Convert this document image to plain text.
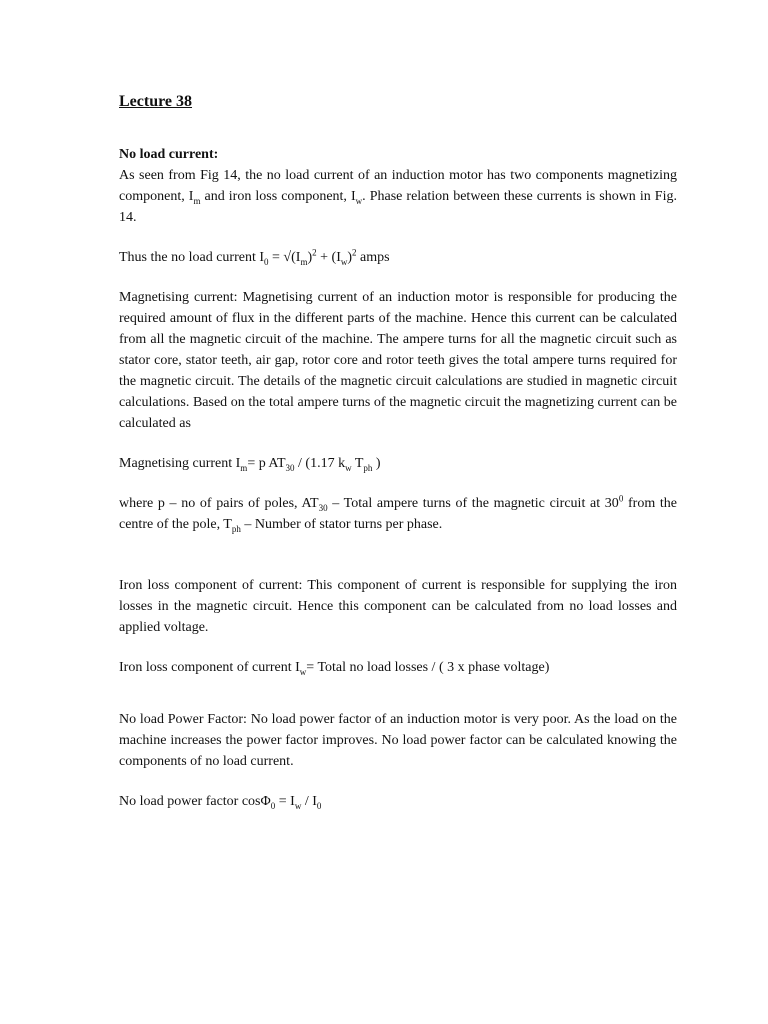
Lecture 38
No load current:
As seen from Fig 14, the no load current of an induction motor has two components magnetizing component, $I_m$ and iron loss component, $I_w$. Phase relation between these currents is shown in Fig. 14.
Thus the no load current $I_0 = √(I_m)^2 + (I_w)^2$ amps
Magnetising current: Magnetising current of an induction motor is responsible for producing the required amount of flux in the different parts of the machine. Hence this current can be calculated from all the magnetic circuit of the machine. The ampere turns for all the magnetic circuit such as stator core, stator teeth, air gap, rotor core and rotor teeth gives the total ampere turns required for the magnetic circuit. The details of the magnetic circuit calculations are studied in magnetic circuit calculations. Based on the total ampere turns of the magnetic circuit the magnetizing current can be calculated as
Magnetising current $I_m= p$ $AT_{30} / (1.17$ $k_w$ $T_{ph}$ )
where p – no of pairs of poles, $AT_{30}$ – Total ampere turns of the magnetic circuit at $30^0$ from the centre of the pole, $T_{ph}$ – Number of stator turns per phase.
Iron loss component of current: This component of current is responsible for supplying the iron losses in the magnetic circuit. Hence this component can be calculated from no load losses and applied voltage.
Iron loss component of current $I_w=$ Total no load losses / ( 3 x phase voltage)
No load Power Factor: No load power factor of an induction motor is very poor. As the load on the machine increases the power factor improves. No load power factor can be calculated knowing the components of no load current.
No load power factor $\cos\Phi_0 = I_w / I_0$
